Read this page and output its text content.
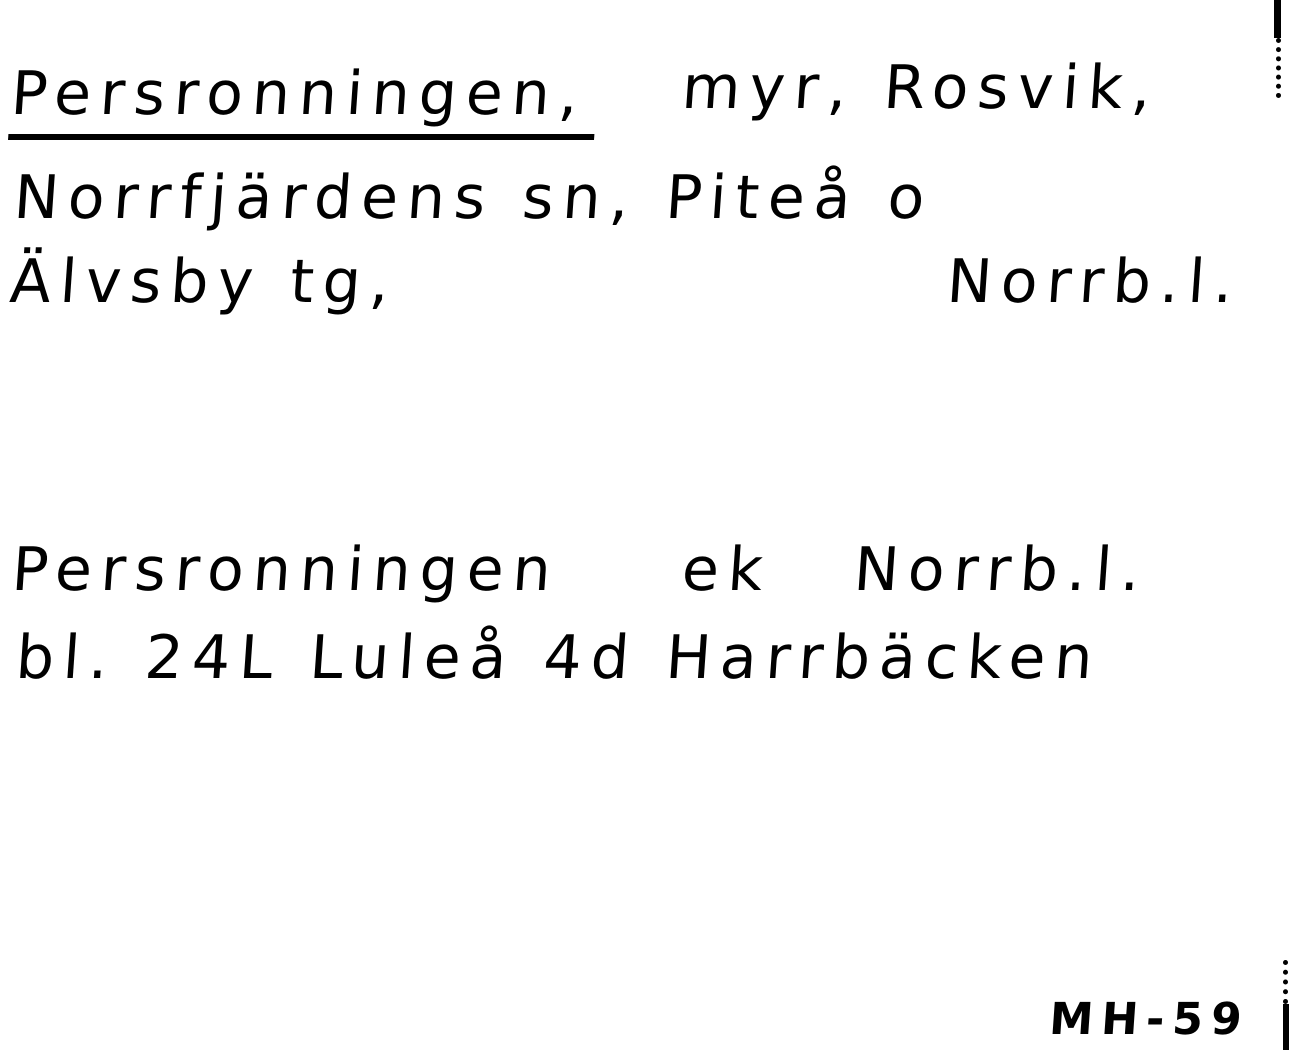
Persronningen, myr, Rosvik,
Norrfjärdens sn, Piteå o
Älvsby tg,	Norrb.l.
Persronningen ek Norrb.l.
bl. 24L Luleå 4d Harrbäcken
MH-59
